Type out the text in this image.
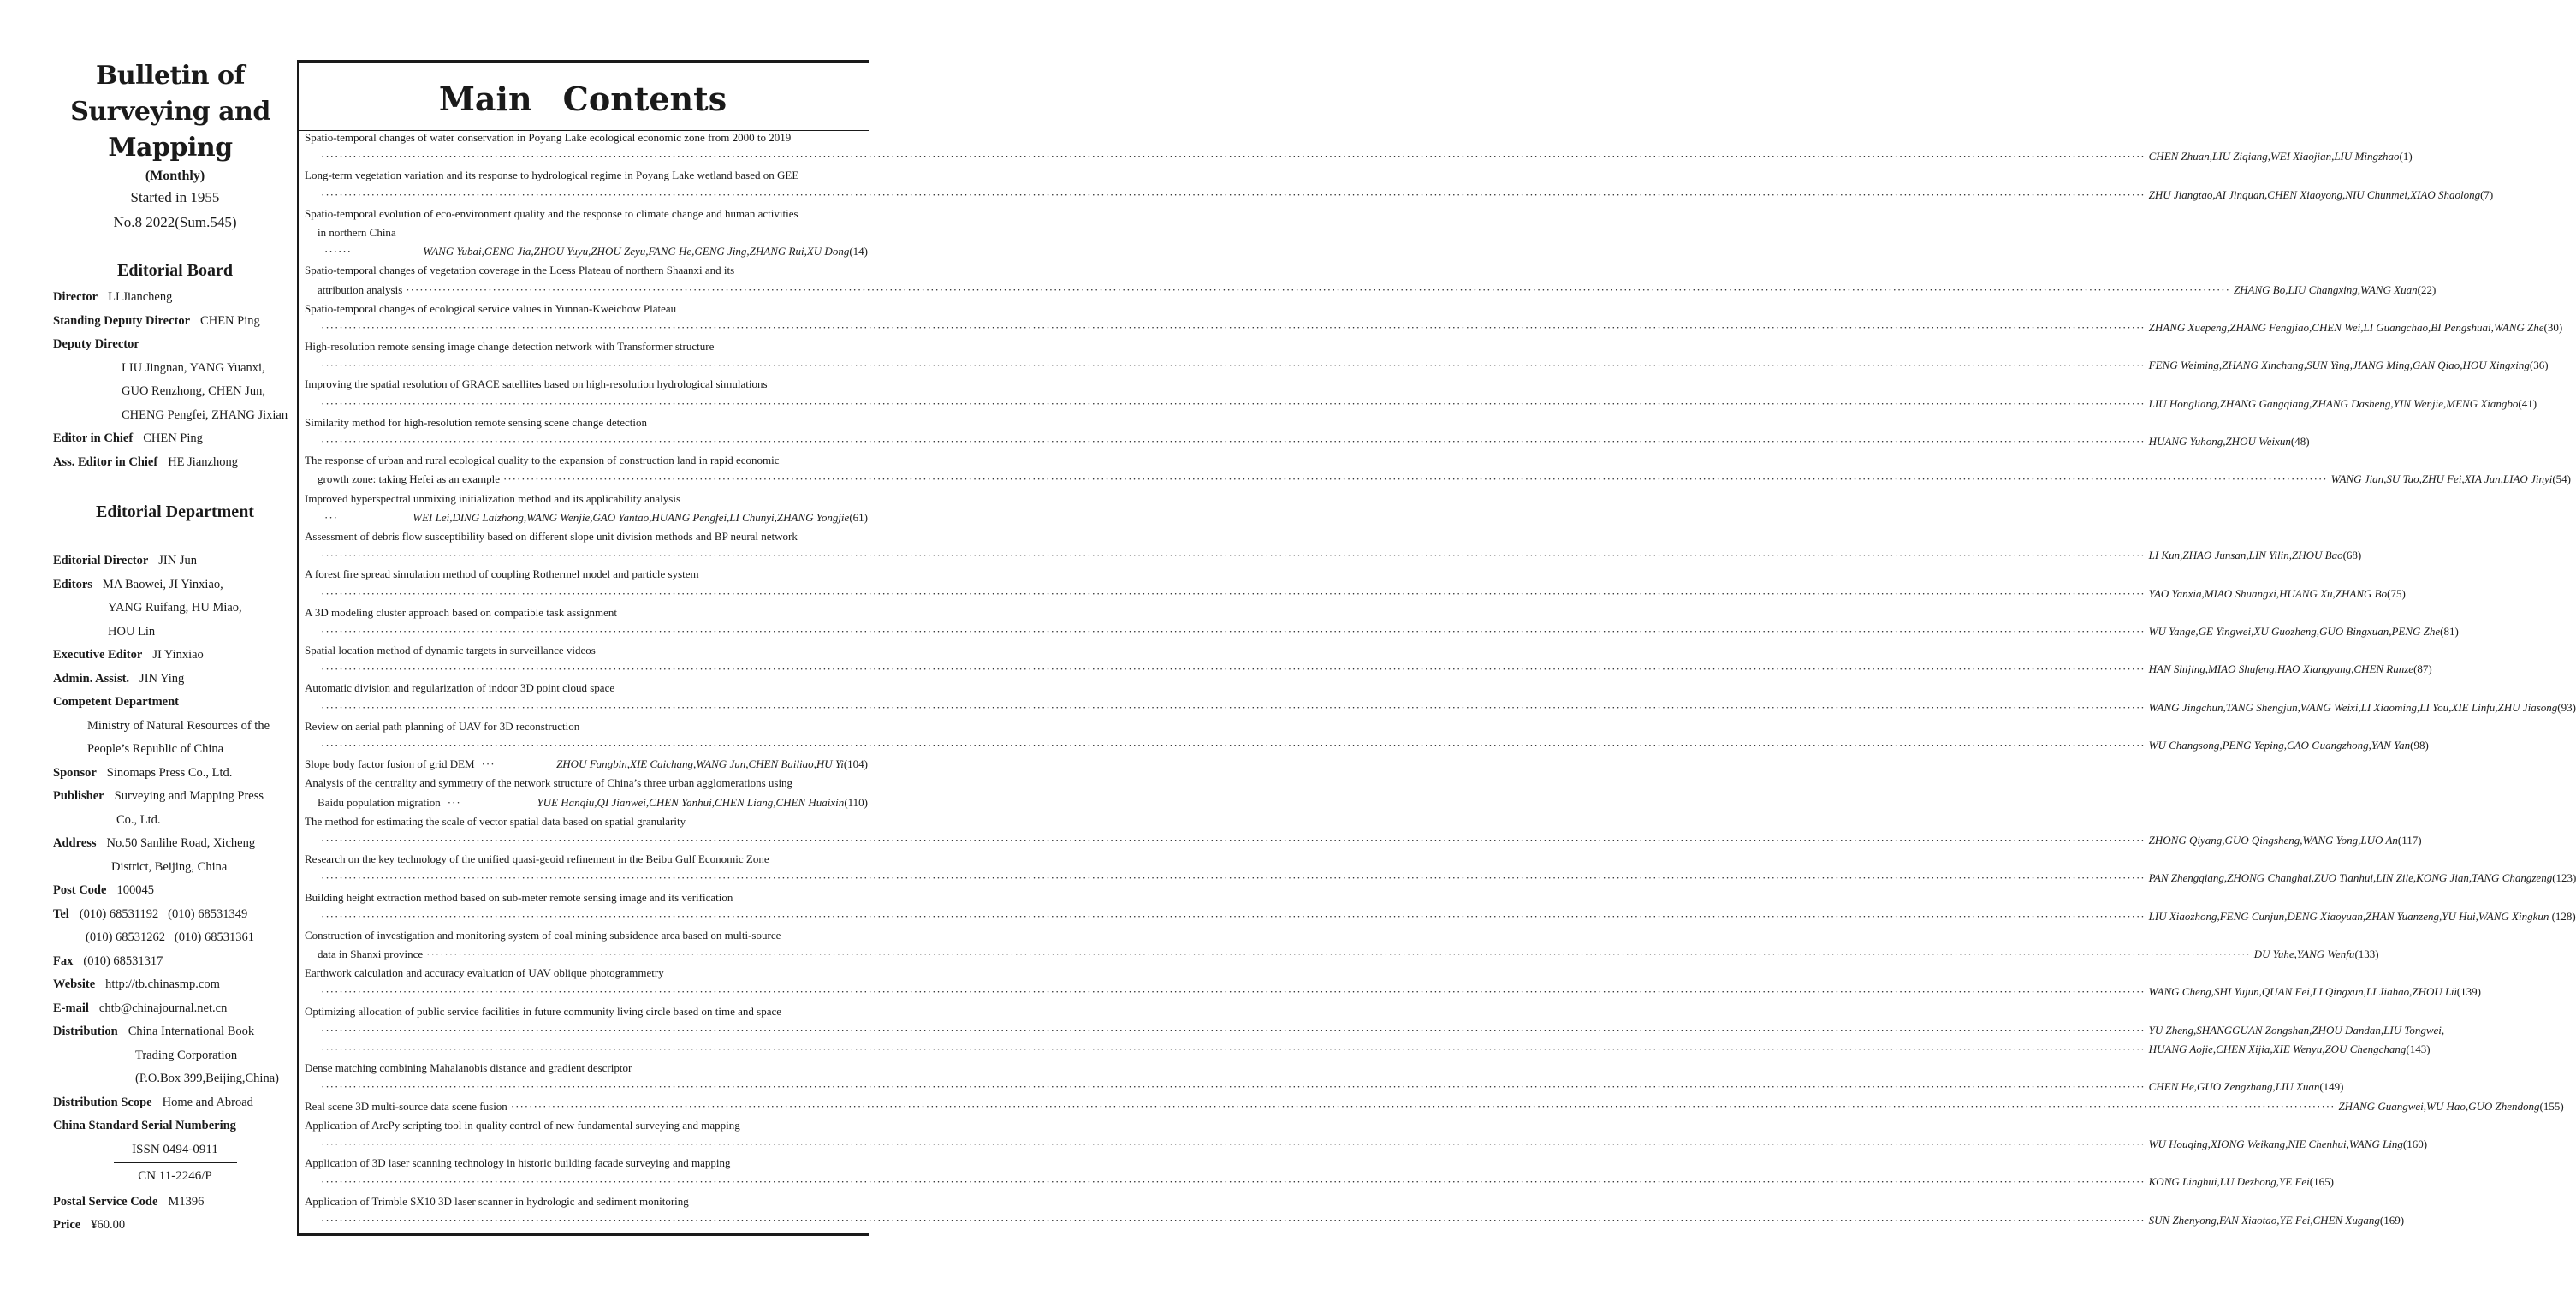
Bulletin of
Surveying and
Mapping
(Monthly)
Started in 1955
No.8 2022(Sum.545)
Editorial Board
Director LI Jiancheng
Standing Deputy Director CHEN Ping
Deputy Director
LIU Jingnan, YANG Yuanxi,
GUO Renzhong, CHEN Jun,
CHENG Pengfei, ZHANG Jixian
Editor in Chief CHEN Ping
Ass. Editor in Chief HE Jianzhong
Editorial Department
Editorial Director JIN Jun
Editors MA Baowei, JI Yinxiao,
YANG Ruifang, HU Miao,
HOU Lin
Executive Editor JI Yinxiao
Admin. Assist. JIN Ying
Competent Department
Ministry of Natural Resources of the
People’s Republic of China
Sponsor Sinomaps Press Co., Ltd.
Publisher Surveying and Mapping Press
Co., Ltd.
Address No.50 Sanlihe Road, Xicheng
District, Beijing, China
Post Code 100045
Tel (010) 68531192   (010) 68531349
(010) 68531262   (010) 68531361
Fax (010) 68531317
Website http://tb.chinasmp.com
E-mail chtb@chinajournal.net.cn
Distribution China International Book
Trading Corporation
(P.O.Box 399,Beijing,China)
Distribution Scope Home and Abroad
China Standard Serial Numbering
ISSN 0494-0911
CN 11-2246/P
Postal Service Code M1396
Price ¥60.00
Main Contents
Spatio-temporal changes of water conservation in Poyang Lake ecological economic zone from 2000 to 2019
················································································································································································································································································································································································································ CHEN Zhuan,LIU Ziqiang,WEI Xiaojian,LIU Mingzhao(1)
Long-term vegetation variation and its response to hydrological regime in Poyang Lake wetland based on GEE
················································································································································································································································································································································································································ ZHU Jiangtao,AI Jinquan,CHEN Xiaoyong,NIU Chunmei,XIAO Shaolong(7)
Spatio-temporal evolution of eco-environment quality and the response to climate change and human activities
in northern China
······	WANG Yubai,GENG Jia,ZHOU Yuyu,ZHOU Zeyu,FANG He,GENG Jing,ZHANG Rui,XU Dong(14)
Spatio-temporal changes of vegetation coverage in the Loess Plateau of northern Shaanxi and its
attribution analysis ················································································································································································································································································································································································································ ZHANG Bo,LIU Changxing,WANG Xuan(22)
Spatio-temporal changes of ecological service values in Yunnan-Kweichow Plateau
················································································································································································································································································································································································································ ZHANG Xuepeng,ZHANG Fengjiao,CHEN Wei,LI Guangchao,BI Pengshuai,WANG Zhe(30)
High-resolution remote sensing image change detection network with Transformer structure
················································································································································································································································································································································································································ FENG Weiming,ZHANG Xinchang,SUN Ying,JIANG Ming,GAN Qiao,HOU Xingxing(36)
Improving the spatial resolution of GRACE satellites based on high-resolution hydrological simulations
················································································································································································································································································································································································································ LIU Hongliang,ZHANG Gangqiang,ZHANG Dasheng,YIN Wenjie,MENG Xiangbo(41)
Similarity method for high-resolution remote sensing scene change detection
················································································································································································································································································································································································································ HUANG Yuhong,ZHOU Weixun(48)
The response of urban and rural ecological quality to the expansion of construction land in rapid economic
growth zone: taking Hefei as an example ················································································································································································································································································································································································································ WANG Jian,SU Tao,ZHU Fei,XIA Jun,LIAO Jinyi(54)
Improved hyperspectral unmixing initialization method and its applicability analysis
···	WEI Lei,DING Laizhong,WANG Wenjie,GAO Yantao,HUANG Pengfei,LI Chunyi,ZHANG Yongjie(61)
Assessment of debris flow susceptibility based on different slope unit division methods and BP neural network
················································································································································································································································································································································································································ LI Kun,ZHAO Junsan,LIN Yilin,ZHOU Bao(68)
A forest fire spread simulation method of coupling Rothermel model and particle system
················································································································································································································································································································································································································ YAO Yanxia,MIAO Shuangxi,HUANG Xu,ZHANG Bo(75)
A 3D modeling cluster approach based on compatible task assignment
················································································································································································································································································································································································································ WU Yange,GE Yingwei,XU Guozheng,GUO Bingxuan,PENG Zhe(81)
Spatial location method of dynamic targets in surveillance videos
················································································································································································································································································································································································································ HAN Shijing,MIAO Shufeng,HAO Xiangyang,CHEN Runze(87)
Automatic division and regularization of indoor 3D point cloud space
················································································································································································································································································································································································································ WANG Jingchun,TANG Shengjun,WANG Weixi,LI Xiaoming,LI You,XIE Linfu,ZHU Jiasong(93)
Review on aerial path planning of UAV for 3D reconstruction
················································································································································································································································································································································································································ WU Changsong,PENG Yeping,CAO Guangzhong,YAN Yan(98)
Slope body factor fusion of grid DEM ···	ZHOU Fangbin,XIE Caichang,WANG Jun,CHEN Bailiao,HU Yi(104)
Analysis of the centrality and symmetry of the network structure of China’s three urban agglomerations using
Baidu population migration ···	YUE Hanqiu,QI Jianwei,CHEN Yanhui,CHEN Liang,CHEN Huaixin(110)
The method for estimating the scale of vector spatial data based on spatial granularity
················································································································································································································································································································································································································ ZHONG Qiyang,GUO Qingsheng,WANG Yong,LUO An(117)
Research on the key technology of the unified quasi-geoid refinement in the Beibu Gulf Economic Zone
················································································································································································································································································································································································································ PAN Zhengqiang,ZHONG Changhai,ZUO Tianhui,LIN Zile,KONG Jian,TANG Changzeng(123)
Building height extraction method based on sub-meter remote sensing image and its verification
················································································································································································································································································································································································································ LIU Xiaozhong,FENG Cunjun,DENG Xiaoyuan,ZHAN Yuanzeng,YU Hui,WANG Xingkun (128)
Construction of investigation and monitoring system of coal mining subsidence area based on multi-source
data in Shanxi province ················································································································································································································································································································································································································ DU Yuhe,YANG Wenfu(133)
Earthwork calculation and accuracy evaluation of UAV oblique photogrammetry
················································································································································································································································································································································································································ WANG Cheng,SHI Yujun,QUAN Fei,LI Qingxun,LI Jiahao,ZHOU Lü(139)
Optimizing allocation of public service facilities in future community living circle based on time and space
················································································································································································································································································································································································································ YU Zheng,SHANGGUAN Zongshan,ZHOU Dandan,LIU Tongwei,
················································································································································································································································································································································································································ HUANG Aojie,CHEN Xijia,XIE Wenyu,ZOU Chengchang(143)
Dense matching combining Mahalanobis distance and gradient descriptor
················································································································································································································································································································································································································ CHEN He,GUO Zengzhang,LIU Xuan(149)
Real scene 3D multi-source data scene fusion ················································································································································································································································································································································································································ ZHANG Guangwei,WU Hao,GUO Zhendong(155)
Application of ArcPy scripting tool in quality control of new fundamental surveying and mapping
················································································································································································································································································································································································································ WU Houqing,XIONG Weikang,NIE Chenhui,WANG Ling(160)
Application of 3D laser scanning technology in historic building facade surveying and mapping
················································································································································································································································································································································································································ KONG Linghui,LU Dezhong,YE Fei(165)
Application of Trimble SX10 3D laser scanner in hydrologic and sediment monitoring
················································································································································································································································································································································································································ SUN Zhenyong,FAN Xiaotao,YE Fei,CHEN Xugang(169)
